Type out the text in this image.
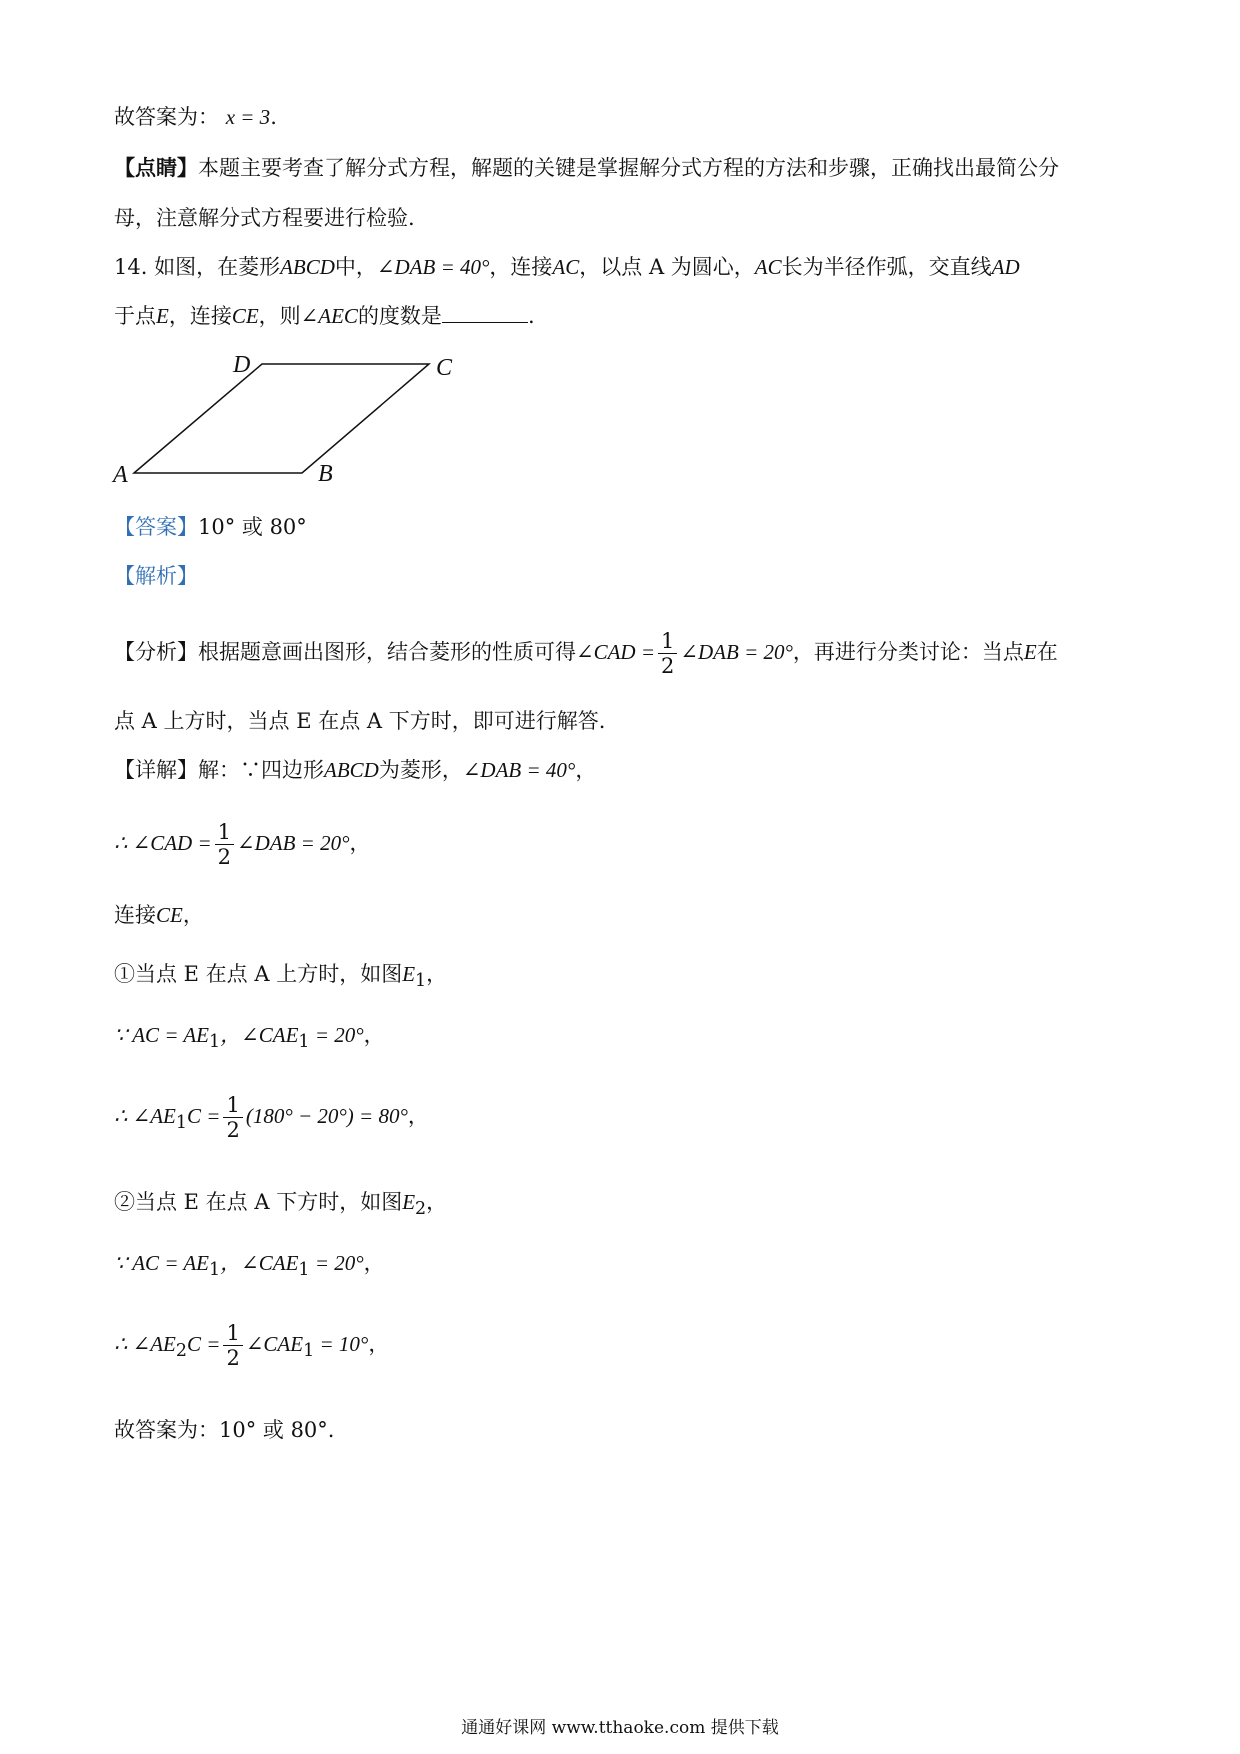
故答案为： x = 3.
【点睛】本题主要考查了解分式方程，解题的关键是掌握解分式方程的方法和步骤，正确找出最简公分
母，注意解分式方程要进行检验.
14. 如图，在菱形ABCD中，∠DAB = 40°，连接AC，以点 A 为圆心，AC长为半径作弧，交直线AD
于点E，连接CE，则∠AEC的度数是	.
D	C
A	B
【答案】10° 或 80°
【解析】
【分析】根据题意画出图形，结合菱形的性质可得∠CAD = $\frac{1}{2}$ ∠DAB = 20°，再进行分类讨论：当点E在
点 A 上方时，当点 E 在点 A 下方时，即可进行解答.
【详解】解：∵四边形ABCD为菱形，∠DAB = 40°，
∴ ∠CAD = $\frac{1}{2}$ ∠DAB = 20°，
连接CE，
①当点 E 在点 A 上方时，如图$E_1$，
∵ AC = $AE_1$，$\angle CAE_1 = 20^\circ$，
∴ $\angle AE_1C = \frac{1}{2} (180^\circ - 20^\circ) = 80^\circ$，
②当点 E 在点 A 下方时，如图$E_2$，
∵ AC = $AE_1$，$\angle CAE_1 = 20^\circ$，
∴ $\angle AE_2C = \frac{1}{2}$ $\angle CAE_1 = 10^\circ$，
故答案为：10° 或 80°.
通通好课网 www.tthaoke.com 提供下载
